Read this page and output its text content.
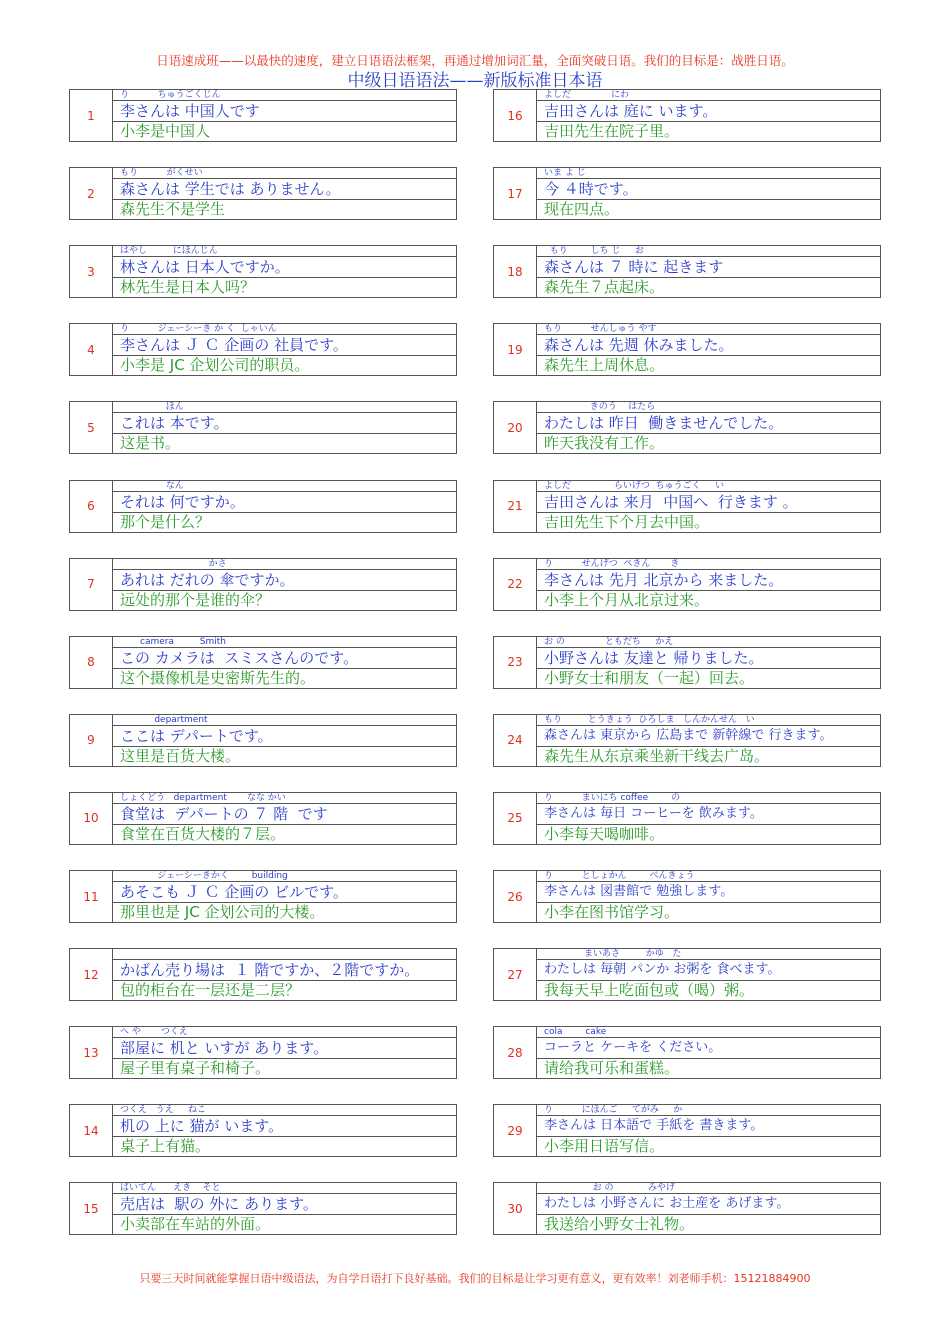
日语速成班——以最快的速度，建立日语语法框架，再通过增加词汇量，全面突破日语。我们的目标是：战胜日语。
中级日语语法——新版标准日本语
1
り          ちゅうごくじん
李さんは 中国人です
小李是中国人
2
もり          がくせい
森さんは 学生では ありません。
森先生不是学生
3
はやし         にほんじん
林さんは 日本人ですか。
林先生是日本人吗？
4
り          ジェーシーき か く  しゃいん
李さんは Ｊ Ｃ 企画の 社員です。
小李是 JC 企划公司的职员。
5
ほん
これは 本です。
这是书。
6
なん
それは 何ですか。
那个是什么？
7
かさ
あれは だれの 傘ですか。
远处的那个是谁的伞？
8
camera         Smith
この カメラは  スミスさんのです。
这个摄像机是史密斯先生的。
9
department
ここは デパートです。
这里是百货大楼。
10
しょくどう   department       なな かい
食堂は  デパートの ７ 階  です
食堂在百货大楼的７层。
11
ジェーシーきかく        building
あそこも Ｊ Ｃ 企画の ビルです。
那里也是 JC 企划公司的大楼。
12	かばん売り場は  １ 階ですか、２階ですか。
包的柜台在一层还是二层？
13
へ や       つくえ
部屋に 机と いすが あります。
屋子里有桌子和椅子。
14
つくえ   うえ     ねこ
机の 上に 猫が います。
桌子上有猫。
15
ばいてん      えき    そと
売店は  駅の 外に あります。
小卖部在车站的外面。
16
よしだ              にわ
吉田さんは 庭に います。
吉田先生在院子里。
17
いま よ じ
今 ４時です。
现在四点。
18
もり        しち じ     お
森さんは ７ 時に 起きます
森先生７点起床。
19
もり          せんしゅう やす
森さんは 先週 休みました。
森先生上周休息。
20
きのう    はたら
わたしは 昨日  働きませんでした。
昨天我没有工作。
21
よしだ               らいげつ  ちゅうごく     い
吉田さんは 来月  中国へ  行きます 。
吉田先生下个月去中国。
22
り          せんげつ  ぺきん       き
李さんは 先月 北京から 来ました。
小李上个月从北京过来。
23
お の              ともだち     かえ
小野さんは 友達と 帰りました。
小野女士和朋友（一起）回去。
24
もり         とうきょう  ひろしま   しんかんせん   い
森さんは 東京から 広島まで 新幹線で 行きます。
森先生从东京乘坐新干线去广岛。
25
り          まいにち coffee        の
李さんは 毎日 コーヒーを 飲みます。
小李每天喝咖啡。
26
り          としょかん        べんきょう
李さんは 図書館で 勉強します。
小李在图书馆学习。
27
まいあさ         かゆ   た
わたしは 毎朝 パンか お粥を 食べます。
我每天早上吃面包或（喝）粥。
28
cola        cake
コーラと ケーキを ください。
请给我可乐和蛋糕。
29
り          にほんご     てがみ     か
李さんは 日本語で 手紙を 書きます。
小李用日语写信。
30
お の            みやげ
わたしは 小野さんに お土産を あげます。
我送给小野女士礼物。
只要三天时间就能掌握日语中级语法，为自学日语打下良好基础。我们的目标是让学习更有意义，更有效率！刘老师手机：15121884900
